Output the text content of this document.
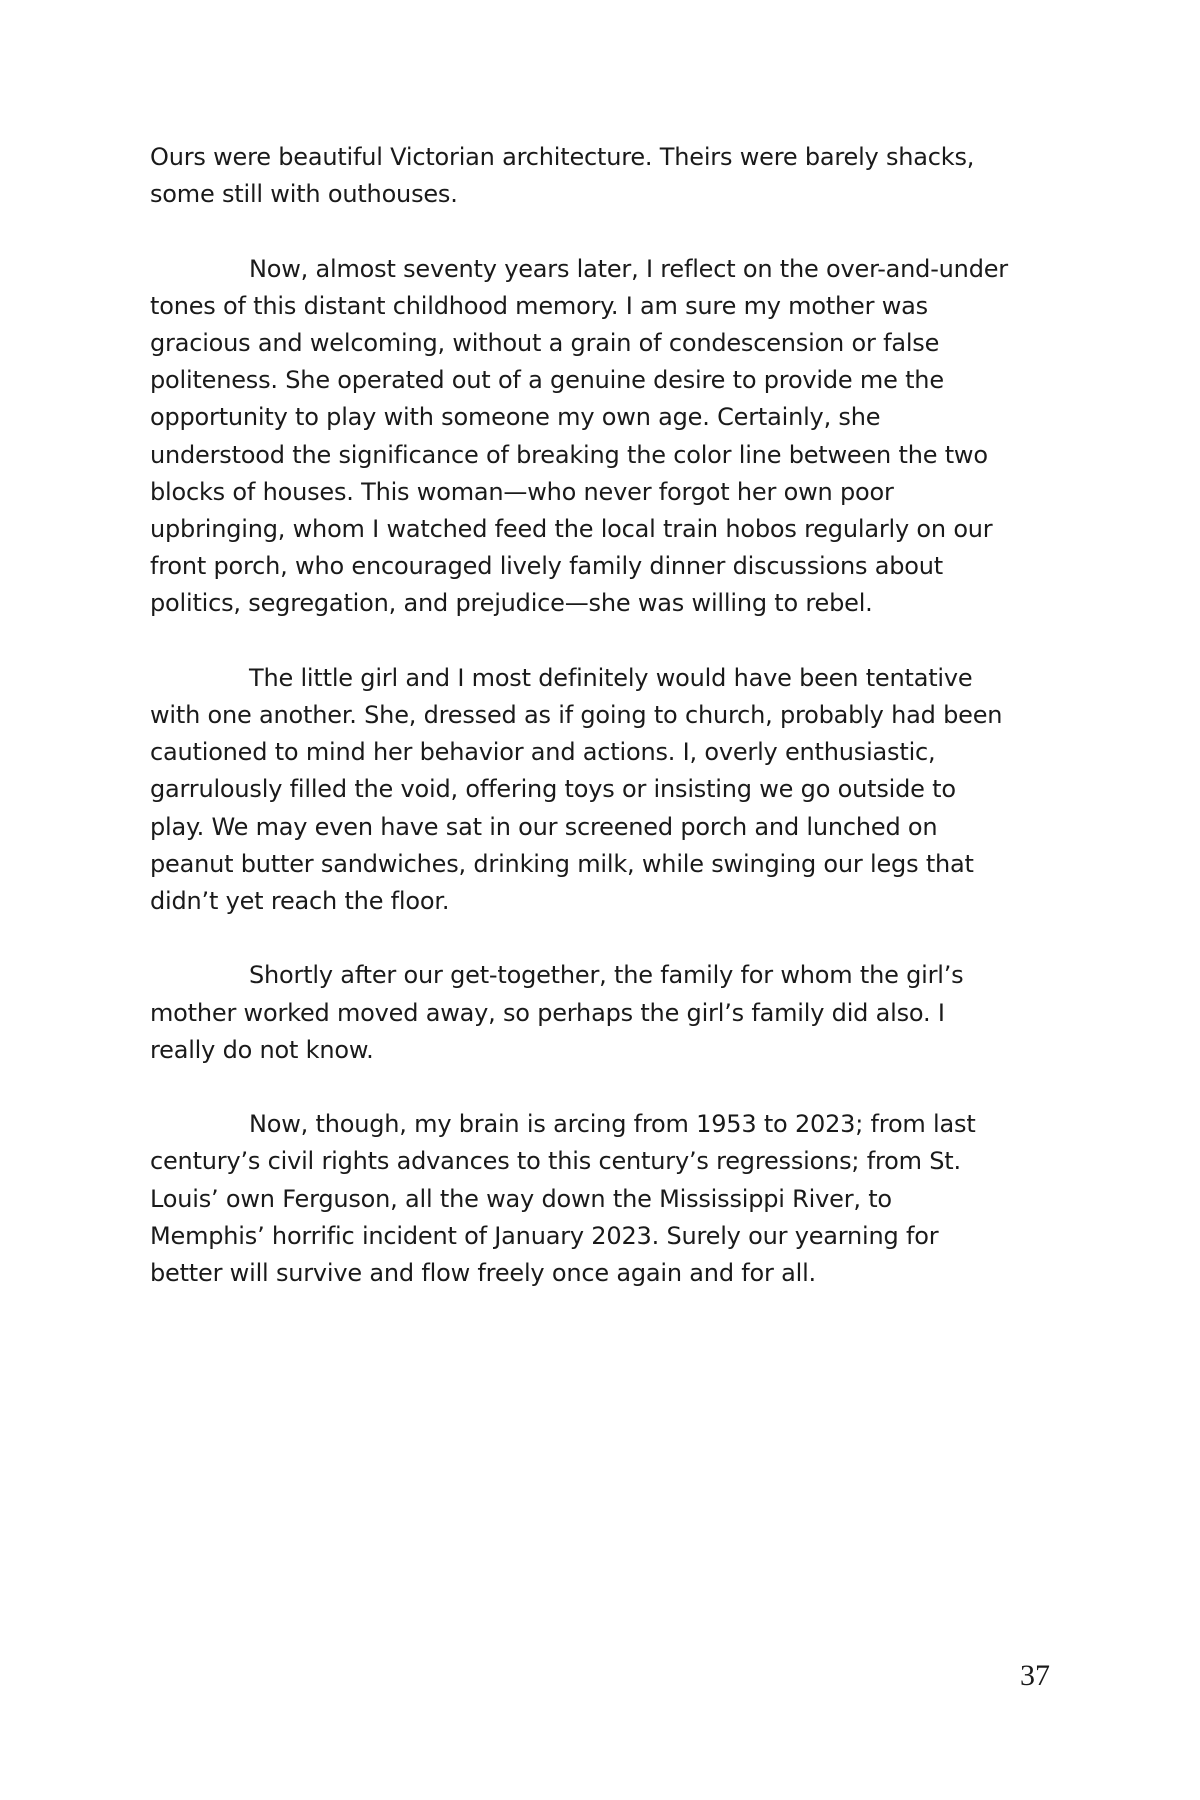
Ours were beautiful Victorian architecture. Theirs were barely shacks,
some still with outhouses.

Now, almost seventy years later, I reflect on the over-and-under
tones of this distant childhood memory. I am sure my mother was
gracious and welcoming, without a grain of condescension or false
politeness. She operated out of a genuine desire to provide me the
opportunity to play with someone my own age. Certainly, she
understood the significance of breaking the color line between the two
blocks of houses. This woman—who never forgot her own poor
upbringing, whom I watched feed the local train hobos regularly on our
front porch, who encouraged lively family dinner discussions about
politics, segregation, and prejudice—she was willing to rebel.

The little girl and I most definitely would have been tentative
with one another. She, dressed as if going to church, probably had been
cautioned to mind her behavior and actions. I, overly enthusiastic,
garrulously filled the void, offering toys or insisting we go outside to
play. We may even have sat in our screened porch and lunched on
peanut butter sandwiches, drinking milk, while swinging our legs that
didn’t yet reach the floor.

Shortly after our get-together, the family for whom the girl’s
mother worked moved away, so perhaps the girl’s family did also. I
really do not know.

Now, though, my brain is arcing from 1953 to 2023; from last
century’s civil rights advances to this century’s regressions; from St.
Louis’ own Ferguson, all the way down the Mississippi River, to
Memphis’ horrific incident of January 2023. Surely our yearning for
better will survive and flow freely once again and for all.

37
